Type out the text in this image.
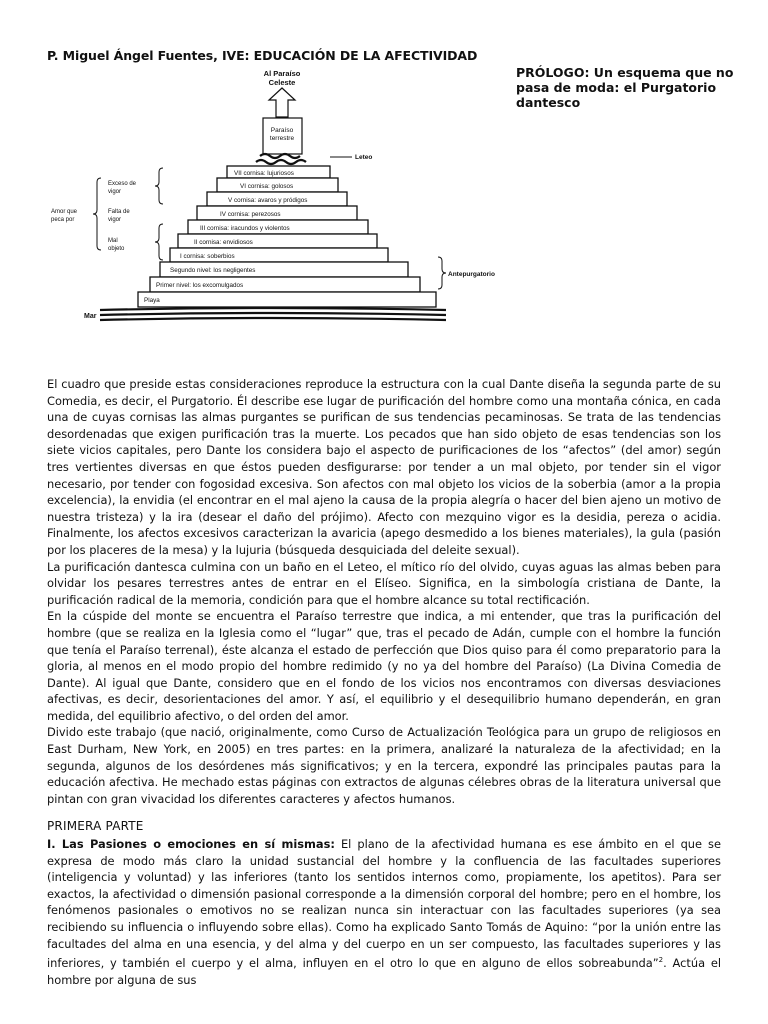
P. Miguel Ángel Fuentes, IVE: EDUCACIÓN DE LA AFECTIVIDAD
PRÓLOGO: Un esquema que no pasa de moda: el Purgatorio dantesco
Al Paraíso
Celeste
Paraíso
terrestre
Leteo
VII cornisa: lujuriosos
VI cornisa: golosos
V cornisa: avaros y pródigos
IV cornisa: perezosos
III cornisa: iracundos y violentos
II cornisa: envidiosos
I cornisa: soberbios
Segundo nivel: los negligentes
Primer nivel: los excomulgados
Playa
Exceso de
vigor
Amor que
peca por
Falta de
vigor
Mal
objeto
Antepurgatorio
Mar

El cuadro que preside estas consideraciones reproduce la estructura con la cual Dante diseña la segunda parte de su Comedia, es decir, el Purgatorio. Él describe ese lugar de purificación del hombre como una montaña cónica, en cada una de cuyas cornisas las almas purgantes se purifican de sus tendencias pecaminosas. Se trata de las tendencias desordenadas que exigen purificación tras la muerte. Los pecados que han sido objeto de esas tendencias son los siete vicios capitales, pero Dante los considera bajo el aspecto de purificaciones de los “afectos” (del amor) según tres vertientes diversas en que éstos pueden desfigurarse: por tender a un mal objeto, por tender sin el vigor necesario, por tender con fogosidad excesiva. Son afectos con mal objeto los vicios de la soberbia (amor a la propia excelencia), la envidia (el encontrar en el mal ajeno la causa de la propia alegría o hacer del bien ajeno un motivo de nuestra tristeza) y la ira (desear el daño del prójimo). Afecto con mezquino vigor es la desidia, pereza o acidia. Finalmente, los afectos excesivos caracterizan la avaricia (apego desmedido a los bienes materiales), la gula (pasión por los placeres de la mesa) y la lujuria (búsqueda desquiciada del deleite sexual).

La purificación dantesca culmina con un baño en el Leteo, el mítico río del olvido, cuyas aguas las almas beben para olvidar los pesares terrestres antes de entrar en el Elíseo. Significa, en la simbología cristiana de Dante, la purificación radical de la memoria, condición para que el hombre alcance su total rectificación.

En la cúspide del monte se encuentra el Paraíso terrestre que indica, a mi entender, que tras la purificación del hombre (que se realiza en la Iglesia como el “lugar” que, tras el pecado de Adán, cumple con el hombre la función que tenía el Paraíso terrenal), éste alcanza el estado de perfección que Dios quiso para él como preparatorio para la gloria, al menos en el modo propio del hombre redimido (y no ya del hombre del Paraíso) (La Divina Comedia de Dante). Al igual que Dante, considero que en el fondo de los vicios nos encontramos con diversas desviaciones afectivas, es decir, desorientaciones del amor. Y así, el equilibrio y el desequilibrio humano dependerán, en gran medida, del equilibrio afectivo, o del orden del amor.

Divido este trabajo (que nació, originalmente, como Curso de Actualización Teológica para un grupo de religiosos en East Durham, New York, en 2005) en tres partes: en la primera, analizaré la naturaleza de la afectividad; en la segunda, algunos de los desórdenes más significativos; y en la tercera, expondré las principales pautas para la educación afectiva. He mechado estas páginas con extractos de algunas célebres obras de la literatura universal que pintan con gran vivacidad los diferentes caracteres y afectos humanos.

PRIMERA PARTE

I. Las Pasiones o emociones en sí mismas: El plano de la afectividad humana es ese ámbito en el que se expresa de modo más claro la unidad sustancial del hombre y la confluencia de las facultades superiores (inteligencia y voluntad) y las inferiores (tanto los sentidos internos como, propiamente, los apetitos). Para ser exactos, la afectividad o dimensión pasional corresponde a la dimensión corporal del hombre; pero en el hombre, los fenómenos pasionales o emotivos no se realizan nunca sin interactuar con las facultades superiores (ya sea recibiendo su influencia o influyendo sobre ellas). Como ha explicado Santo Tomás de Aquino: “por la unión entre las facultades del alma en una esencia, y del alma y del cuerpo en un ser compuesto, las facultades superiores y las inferiores, y también el cuerpo y el alma, influyen en el otro lo que en alguno de ellos sobreabunda”$^2$. Actúa el hombre por alguna de sus
